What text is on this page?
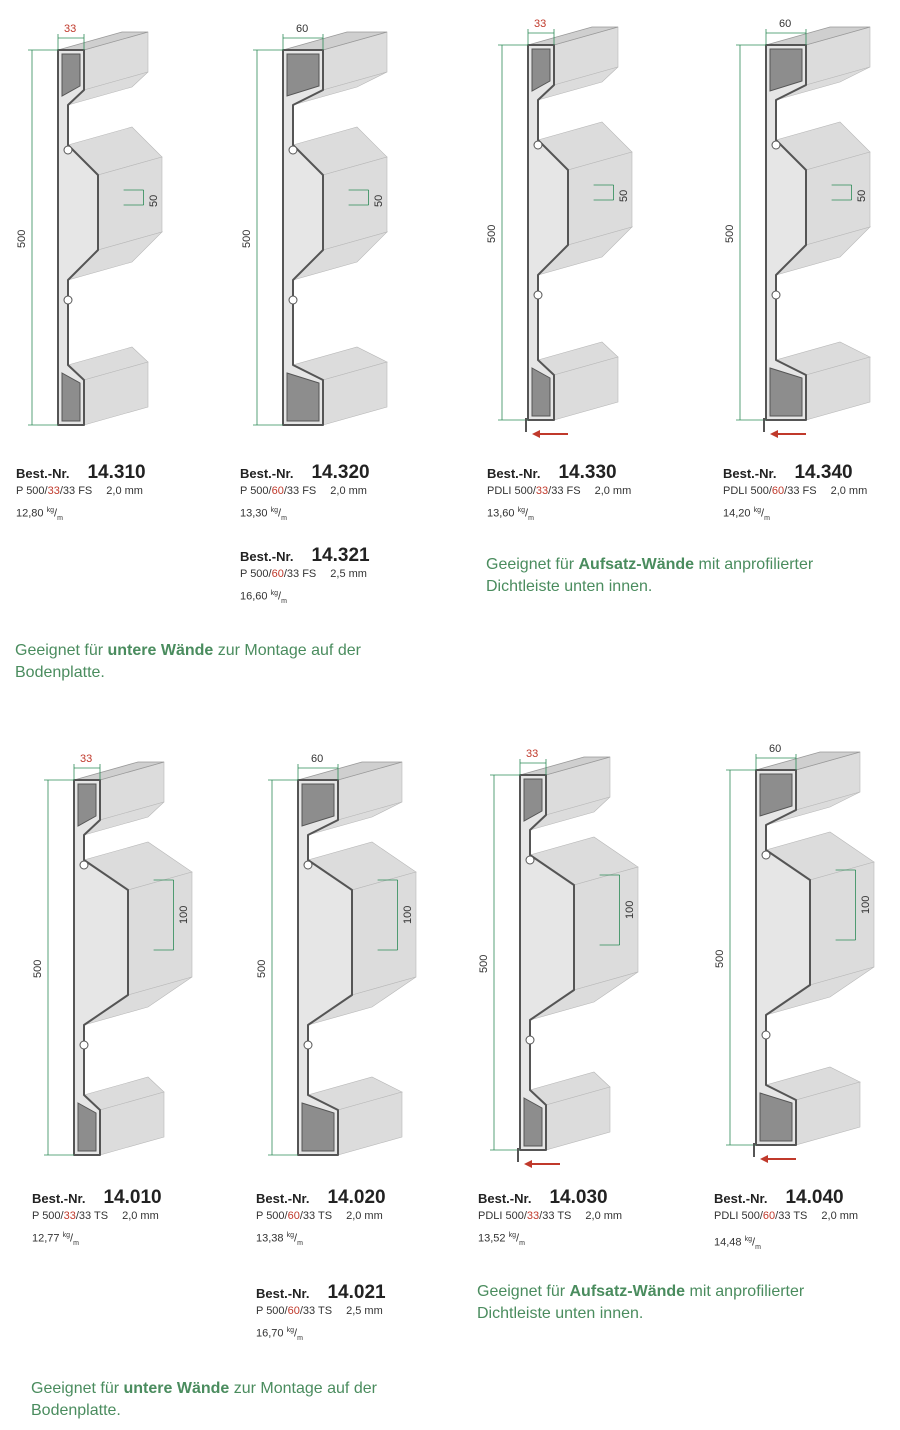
33
500
50
60
500
50
33
500
50
60
500
50
33
500
100
60
500
100
33
500
100
60
500
100
Best.-Nr. 14.310
P 500/33/33 FS 2,0 mm
12,80 $^{kg}/_m$
Best.-Nr. 14.320
P 500/60/33 FS 2,0 mm
13,30 $^{kg}/_m$
Best.-Nr. 14.321
P 500/60/33 FS 2,5 mm
16,60 $^{kg}/_m$
Best.-Nr. 14.330
PDLI 500/33/33 FS 2,0 mm
13,60 $^{kg}/_m$
Best.-Nr. 14.340
PDLI 500/60/33 FS 2,0 mm
14,20 $^{kg}/_m$
Best.-Nr. 14.010
P 500/33/33 TS 2,0 mm
12,77 $^{kg}/_m$
Best.-Nr. 14.020
P 500/60/33 TS 2,0 mm
13,38 $^{kg}/_m$
Best.-Nr. 14.021
P 500/60/33 TS 2,5 mm
16,70 $^{kg}/_m$
Best.-Nr. 14.030
PDLI 500/33/33 TS 2,0 mm
13,52 $^{kg}/_m$
Best.-Nr. 14.040
PDLI 500/60/33 TS 2,0 mm
14,48 $^{kg}/_m$
Geeignet für untere Wände zur Montage auf der Bodenplatte.
Geeignet für Aufsatz-Wände mit anprofilierter Dichtleiste unten innen.
Geeignet für untere Wände zur Montage auf der Bodenplatte.
Geeignet für Aufsatz-Wände mit anprofilierter Dichtleiste unten innen.
